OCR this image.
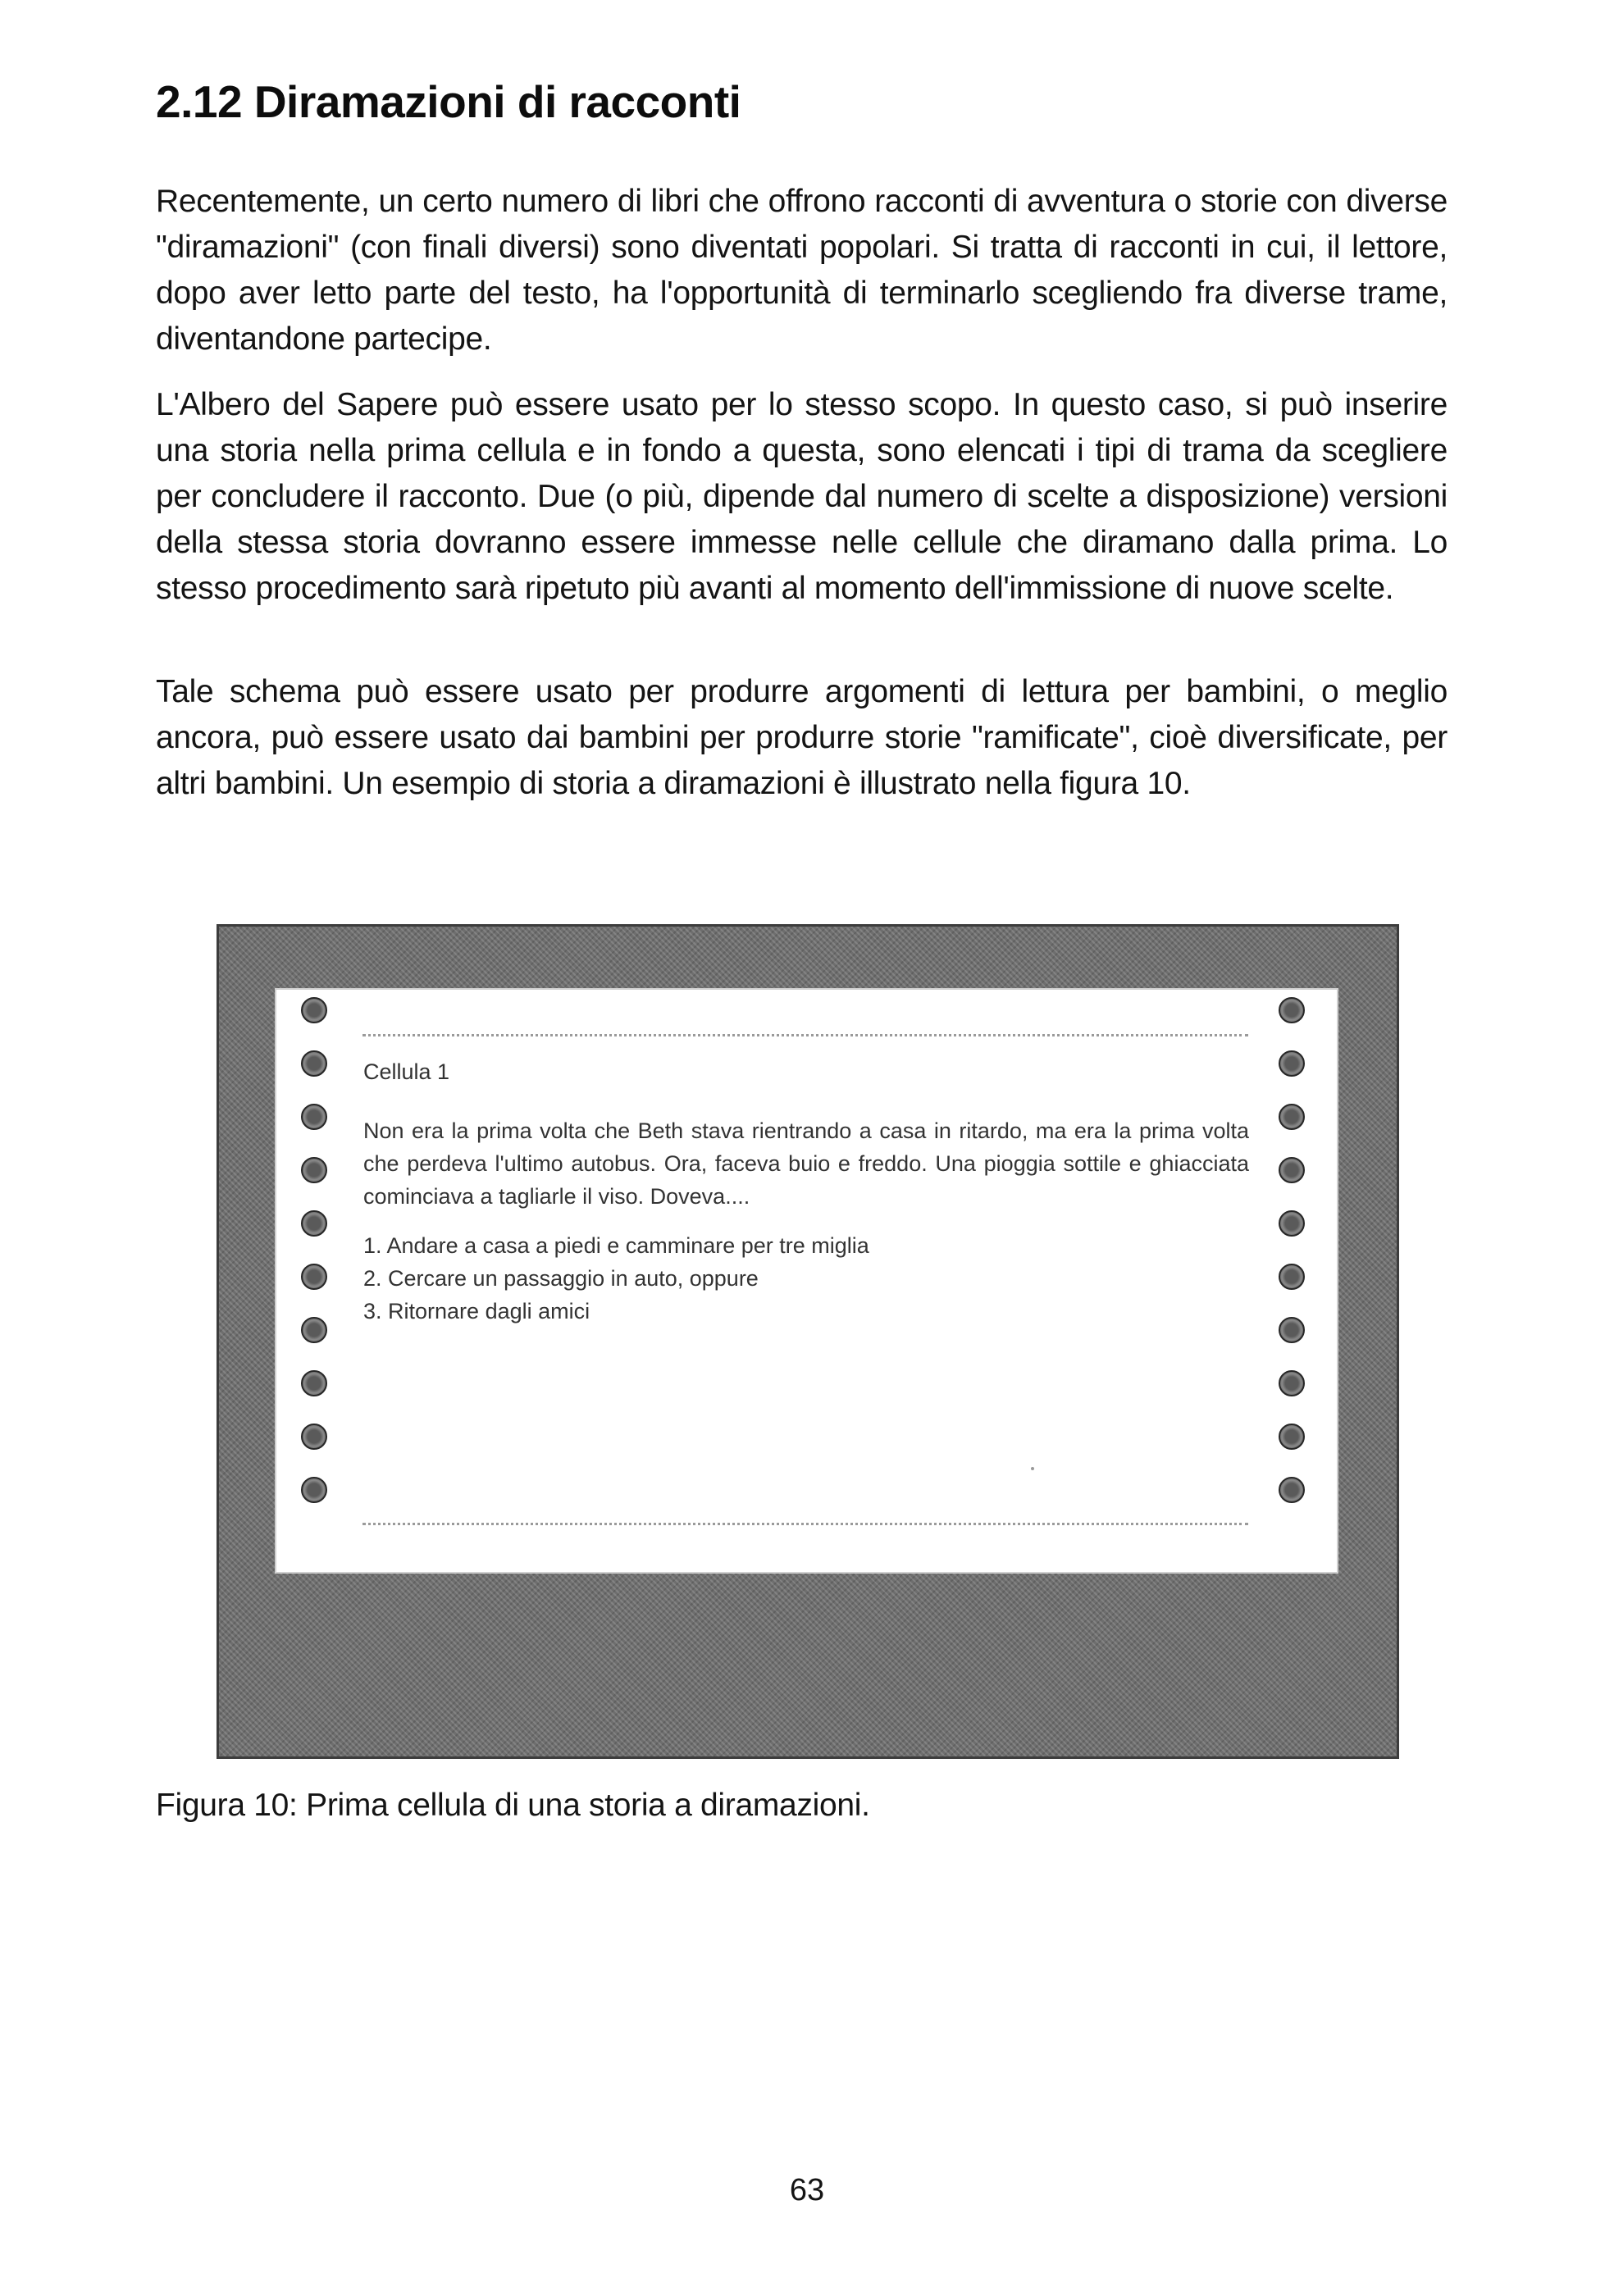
2.12 Diramazioni di racconti

Recentemente, un certo numero di libri che offrono racconti di avventura o storie con diverse "diramazioni" (con finali diversi) sono diventati popolari. Si tratta di racconti in cui, il lettore, dopo aver letto parte del testo, ha l'opportunità di terminarlo scegliendo fra diverse trame, diventandone partecipe.

L'Albero del Sapere può essere usato per lo stesso scopo. In questo caso, si può inserire una storia nella prima cellula e in fondo a questa, sono elencati i tipi di trama da scegliere per concludere il racconto. Due (o più, dipende dal numero di scelte a disposizione) versioni della stessa storia dovranno essere immesse nelle cellule che diramano dalla prima. Lo stesso procedimento sarà ripetuto più avanti al momento dell'immissione di nuove scelte.

Tale schema può essere usato per produrre argomenti di lettura per bambini, o meglio ancora, può essere usato dai bambini per produrre storie "ramificate", cioè diversificate, per altri bambini. Un esempio di storia a diramazioni è illustrato nella figura 10.

Cellula 1

Non era la prima volta che Beth stava rientrando a casa in ritardo, ma era la prima volta che perdeva l'ultimo autobus. Ora, faceva buio e freddo. Una pioggia sottile e ghiacciata cominciava a tagliarle il viso. Doveva....

1. Andare a casa a piedi e camminare per tre miglia
2. Cercare un passaggio in auto, oppure
3. Ritornare dagli amici

Figura 10: Prima cellula di una storia a diramazioni.

63
